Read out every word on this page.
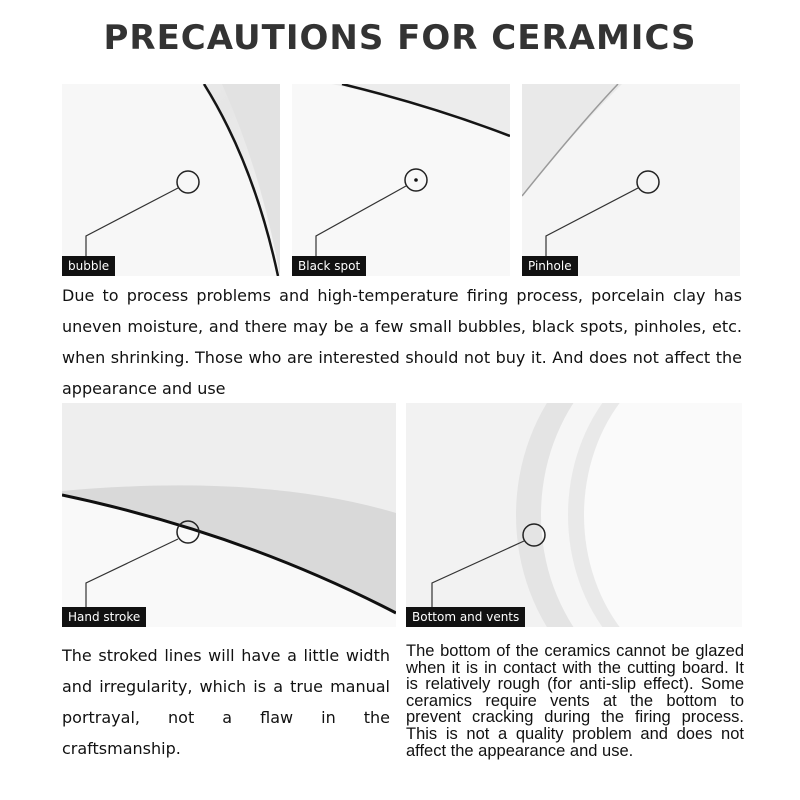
PRECAUTIONS FOR CERAMICS
bubble	Black spot	Pinhole

Due to process problems and high-temperature firing process, porcelain clay has uneven moisture, and there may be a few small bubbles, black spots, pinholes, etc. when shrinking. Those who are interested should not buy it. And does not affect the appearance and use

Hand stroke	Bottom and vents

The stroked lines will have a little width and irregularity, which is a true manual portrayal, not a flaw in the craftsmanship.

The bottom of the ceramics cannot be glazed when it is in contact with the cutting board. It is relatively rough (for anti-slip effect). Some ceramics require vents at the bottom to prevent cracking during the firing process. This is not a quality problem and does not affect the appearance and use.
